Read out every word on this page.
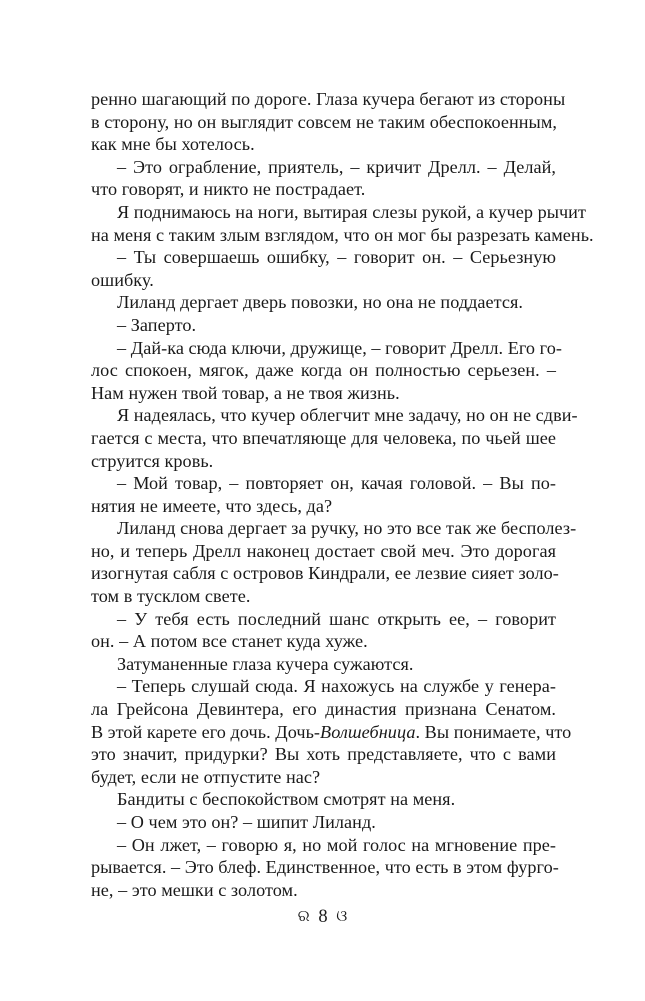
ренно шагающий по дороге. Глаза кучера бегают из стороны
в сторону, но он выглядит совсем не таким обеспокоенным,
как мне бы хотелось.
– Это ограбление, приятель, – кричит Дрелл. – Делай,
что говорят, и никто не пострадает.
Я поднимаюсь на ноги, вытирая слезы рукой, а кучер рычит
на меня с таким злым взглядом, что он мог бы разрезать камень.
– Ты совершаешь ошибку, – говорит он. – Серьезную
ошибку.
Лиланд дергает дверь повозки, но она не поддается.
– Заперто.
– Дай-ка сюда ключи, дружище, – говорит Дрелл. Его го-
лос спокоен, мягок, даже когда он полностью серьезен. –
Нам нужен твой товар, а не твоя жизнь.
Я надеялась, что кучер облегчит мне задачу, но он не сдви-
гается с места, что впечатляюще для человека, по чьей шее
струится кровь.
– Мой товар, – повторяет он, качая головой. – Вы по-
нятия не имеете, что здесь, да?
Лиланд снова дергает за ручку, но это все так же бесполез-
но, и теперь Дрелл наконец достает свой меч. Это дорогая
изогнутая сабля с островов Киндрали, ее лезвие сияет золо-
том в тусклом свете.
– У тебя есть последний шанс открыть ее, – говорит
он. – А потом все станет куда хуже.
Затуманенные глаза кучера сужаются.
– Теперь слушай сюда. Я нахожусь на службе у генера-
ла Грейсона Девинтера, его династия признана Сенатом.
В этой карете его дочь. Дочь-Волшебница. Вы понимаете, что
это значит, придурки? Вы хоть представляете, что с вами
будет, если не отпустите нас?
Бандиты с беспокойством смотрят на меня.
– О чем это он? – шипит Лиланд.
– Он лжет, – говорю я, но мой голос на мгновение пре-
рывается. – Это блеф. Единственное, что есть в этом фурго-
не, – это мешки с золотом.
ର 8 ଓ
